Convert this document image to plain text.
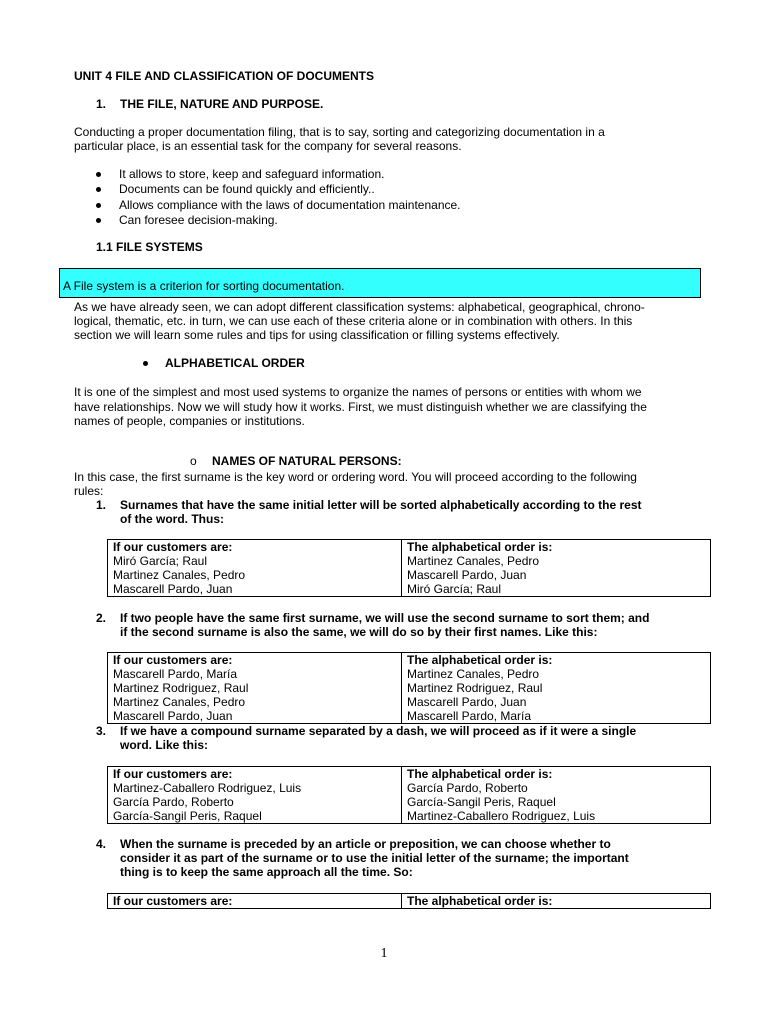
UNIT 4 FILE AND CLASSIFICATION OF DOCUMENTS
1. THE FILE, NATURE AND PURPOSE.
Conducting a proper documentation filing, that is to say, sorting and categorizing documentation in a
particular place, is an essential task for the company for several reasons.
It allows to store, keep and safeguard information.
Documents can be found quickly and efficiently..
Allows compliance with the laws of documentation maintenance.
Can foresee decision-making.
1.1 FILE SYSTEMS
A File system is a criterion for sorting documentation.
As we have already seen, we can adopt different classification systems: alphabetical, geographical, chrono-
logical, thematic, etc. in turn, we can use each of these criteria alone or in combination with others. In this
section we will learn some rules and tips for using classification or filling systems effectively.
ALPHABETICAL ORDER
It is one of the simplest and most used systems to organize the names of persons or entities with whom we
have relationships. Now we will study how it works. First, we must distinguish whether we are classifying the
names of people, companies or institutions.
o NAMES OF NATURAL PERSONS:
In this case, the first surname is the key word or ordering word. You will proceed according to the following
rules:
1. Surnames that have the same initial letter will be sorted alphabetically according to the rest
of the word. Thus:
If our customers are:	The alphabetical order is:
Miró García; Raul	Martinez Canales, Pedro
Martinez Canales, Pedro	Mascarell Pardo, Juan
Mascarell Pardo, Juan	Miró García; Raul
2. If two people have the same first surname, we will use the second surname to sort them; and
if the second surname is also the same, we will do so by their first names. Like this:
If our customers are:	The alphabetical order is:
Mascarell Pardo, María	Martinez Canales, Pedro
Martinez Rodriguez, Raul	Martinez Rodriguez, Raul
Martinez Canales, Pedro	Mascarell Pardo, Juan
Mascarell Pardo, Juan	Mascarell Pardo, María
3. If we have a compound surname separated by a dash, we will proceed as if it were a single
word. Like this:
If our customers are:	The alphabetical order is:
Martinez-Caballero Rodriguez, Luis	García Pardo, Roberto
García Pardo, Roberto	García-Sangil Peris, Raquel
García-Sangil Peris, Raquel	Martinez-Caballero Rodriguez, Luis
4. When the surname is preceded by an article or preposition, we can choose whether to
consider it as part of the surname or to use the initial letter of the surname; the important
thing is to keep the same approach all the time. So:
If our customers are:	The alphabetical order is:
1
